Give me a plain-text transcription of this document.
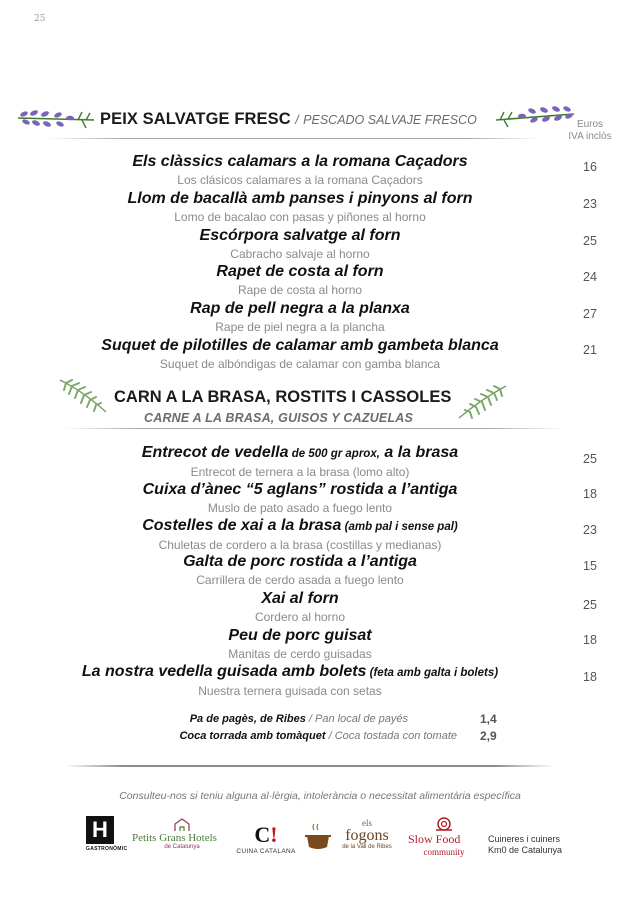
25
PEIX SALVATGE FRESC / PESCADO SALVAJE FRESCO	Euros
IVA inclòs
Els clàssics calamars a la romana Caçadors
Los clásicos calamares a la romana Caçadors
16
Llom de bacallà amb panses i pinyons al forn
Lomo de bacalao con pasas y piñones al horno
23
Escórpora salvatge al forn
Cabracho salvaje al horno
25
Rapet de costa al forn
Rape de costa al horno
24
Rap de pell negra a la planxa
Rape de piel negra a la plancha
27
Suquet de pilotilles de calamar amb gambeta blanca
Suquet de albóndigas de calamar con gamba blanca
21
CARN A LA BRASA, ROSTITS I CASSOLES
CARNE A LA BRASA, GUISOS Y CAZUELAS
Entrecot de vedella de 500 gr aprox, a la brasa
Entrecot de ternera a la brasa (lomo alto)
25
Cuixa d’ànec “5 aglans” rostida a l’antiga
Muslo de pato asado a fuego lento
18
Costelles de xai a la brasa (amb pal i sense pal)
Chuletas de cordero a la brasa (costillas y medianas)
23
Galta de porc rostida a l’antiga
Carrillera de cerdo asada a fuego lento
15
Xai al forn
Cordero al horno
25
Peu de porc guisat
Manitas de cerdo guisadas
18
La nostra vedella guisada amb bolets (feta amb galta i bolets)
Nuestra ternera guisada con setas
18
Pa de pagès, de Ribes / Pan local de payés	1,4
Coca torrada amb tomàquet / Coca tostada con tomate 2,9
Consulteu-nos si teniu alguna al·lèrgia, intolerància o necessitat alimentària específica
H
GASTRONÒMIC
Petits Grans Hotels
de Catalunya	C!
CUINA CATALANA
els
fogons
de la Vall de Ribes
Slow Food
community
Cuineres i cuiners
Km0 de Catalunya
